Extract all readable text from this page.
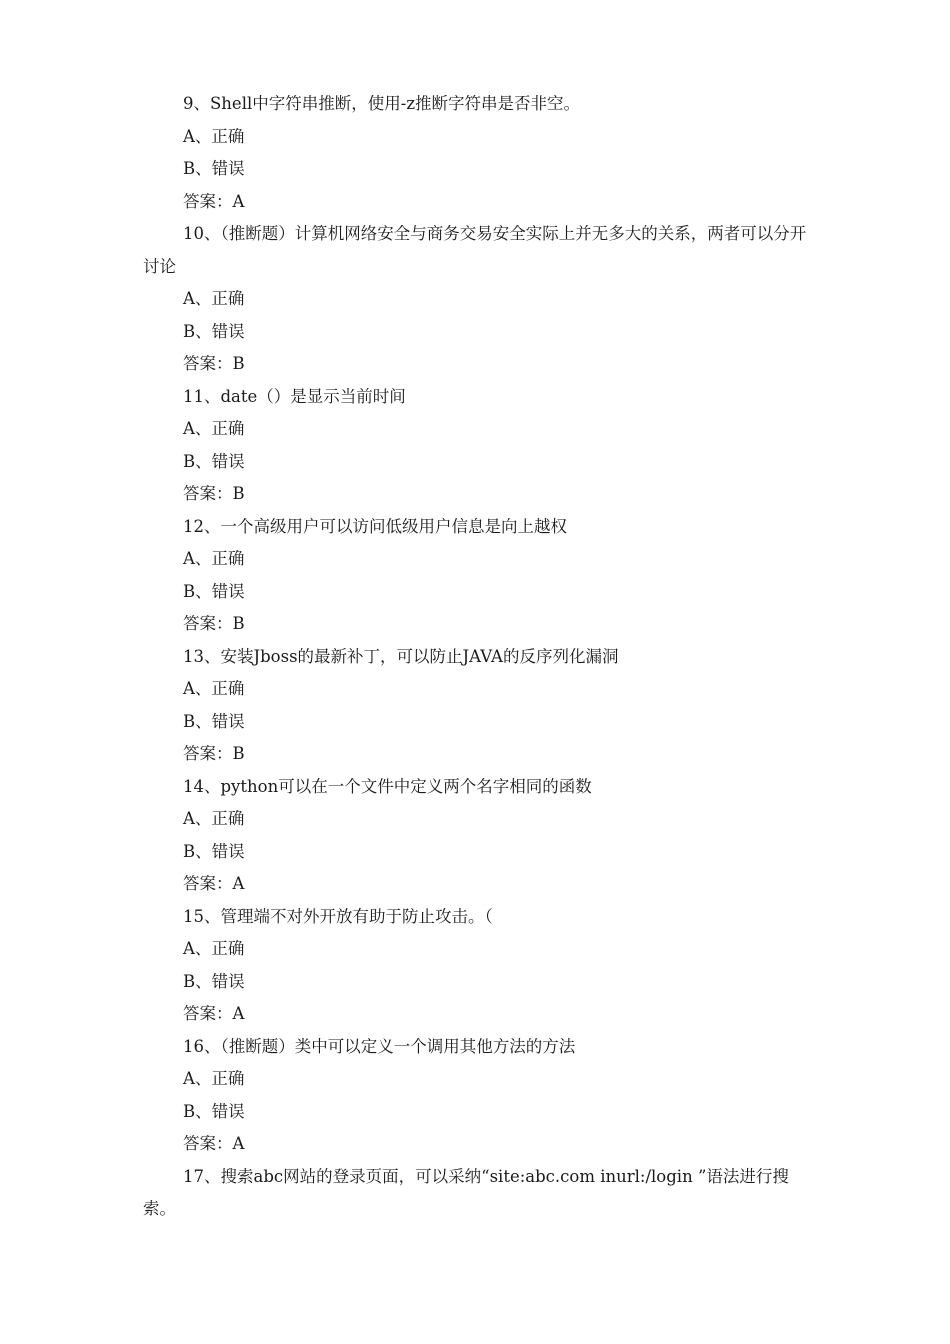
9、Shell中字符串推断，使用-z推断字符串是否非空。

A、正确

B、错误

答案：A

10、（推断题）计算机网络安全与商务交易安全实际上并无多大的关系，两者可以分开讨论

A、正确

B、错误

答案：B

11、date（）是显示当前时间

A、正确

B、错误

答案：B

12、一个高级用户可以访问低级用户信息是向上越权

A、正确

B、错误

答案：B

13、安装Jboss的最新补丁，可以防止JAVA的反序列化漏洞

A、正确

B、错误

答案：B

14、python可以在一个文件中定义两个名字相同的函数

A、正确

B、错误

答案：A

15、管理端不对外开放有助于防止攻击。（

A、正确

B、错误

答案：A

16、（推断题）类中可以定义一个调用其他方法的方法

A、正确

B、错误

答案：A

17、搜索abc网站的登录页面，可以采纳“site:abc.com inurl:/login ”语法进行搜索。
